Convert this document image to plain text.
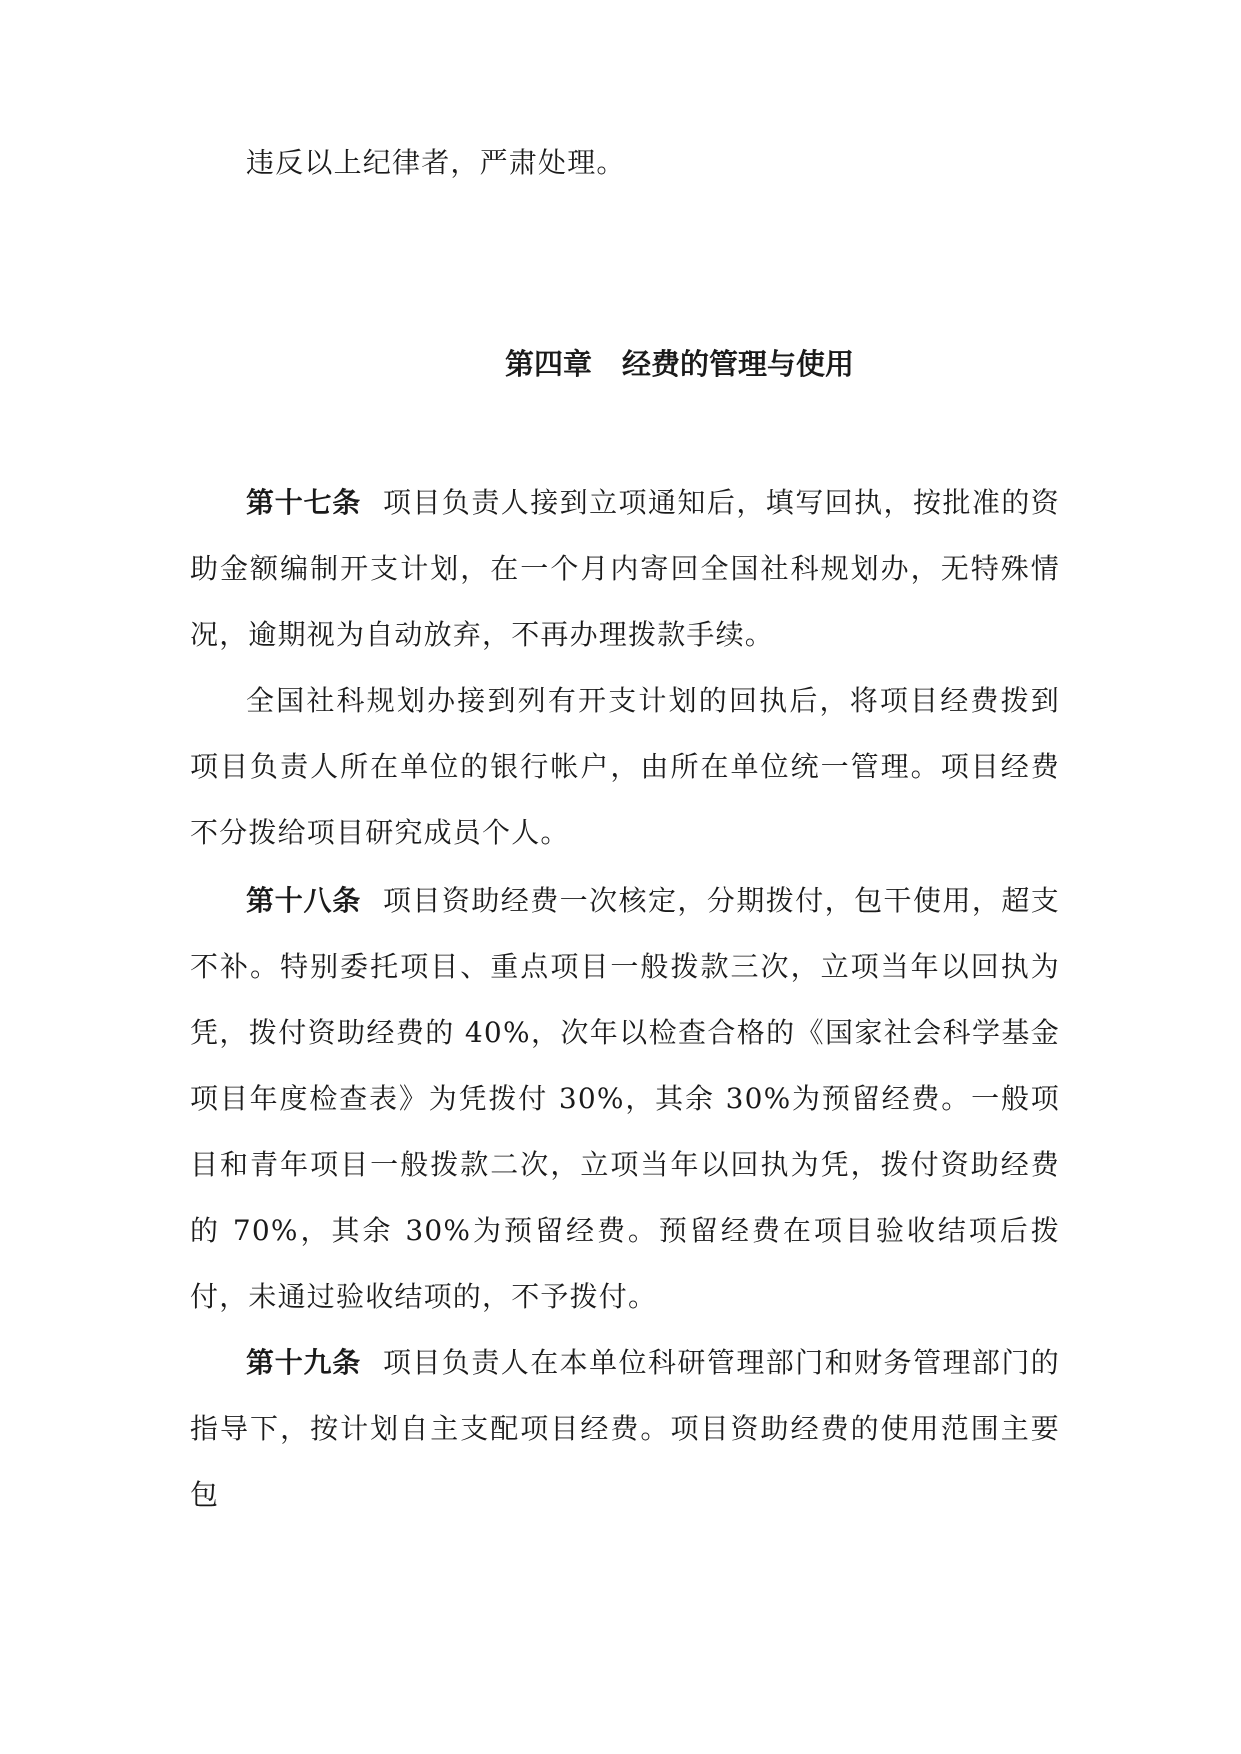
违反以上纪律者，严肃处理。

第四章 经费的管理与使用

第十七条 项目负责人接到立项通知后，填写回执，按批准的资助金额编制开支计划，在一个月内寄回全国社科规划办，无特殊情况，逾期视为自动放弃，不再办理拨款手续。

全国社科规划办接到列有开支计划的回执后，将项目经费拨到项目负责人所在单位的银行帐户，由所在单位统一管理。项目经费不分拨给项目研究成员个人。

第十八条 项目资助经费一次核定，分期拨付，包干使用，超支不补。特别委托项目、重点项目一般拨款三次，立项当年以回执为凭，拨付资助经费的 40%，次年以检查合格的《国家社会科学基金项目年度检查表》为凭拨付 30%，其余 30%为预留经费。一般项目和青年项目一般拨款二次，立项当年以回执为凭，拨付资助经费的 70%，其余 30%为预留经费。预留经费在项目验收结项后拨付，未通过验收结项的，不予拨付。

第十九条 项目负责人在本单位科研管理部门和财务管理部门的指导下，按计划自主支配项目经费。项目资助经费的使用范围主要包
